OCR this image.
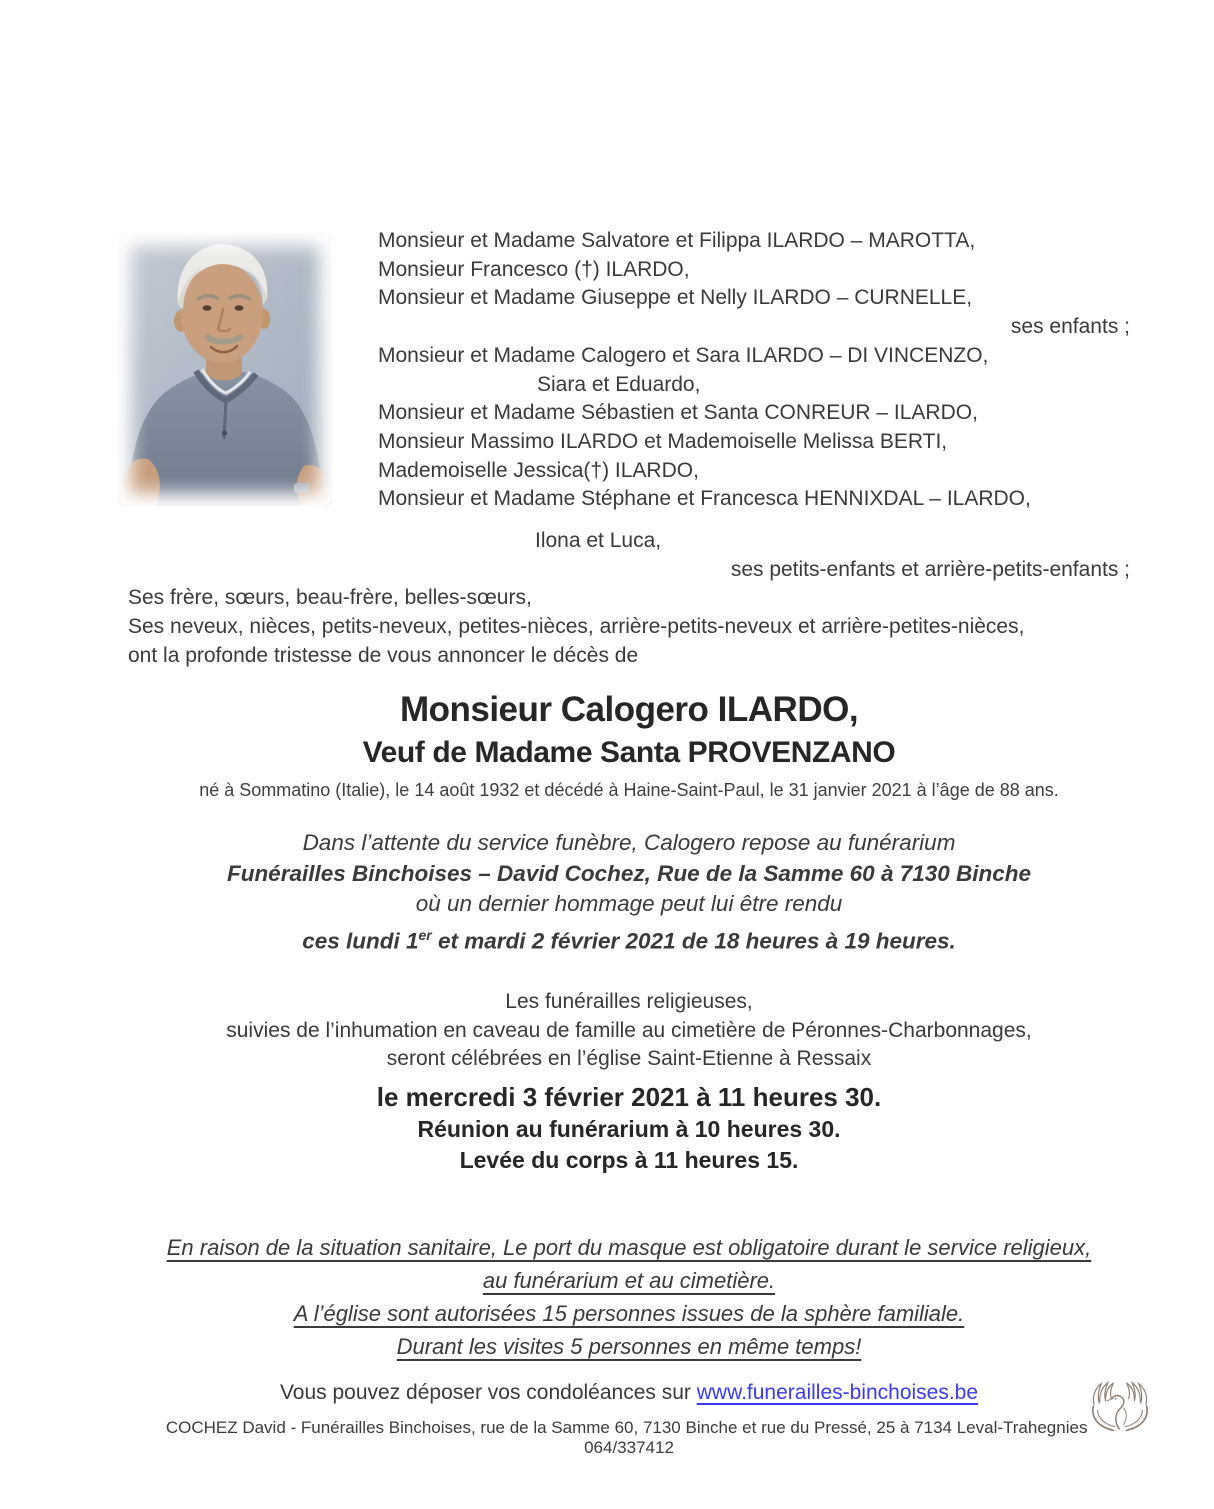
Monsieur et Madame Salvatore et Filippa ILARDO – MAROTTA,
Monsieur Francesco (†) ILARDO,
Monsieur et Madame Giuseppe et Nelly ILARDO – CURNELLE,
ses enfants ;
Monsieur et Madame Calogero et Sara ILARDO – DI VINCENZO,
Siara et Eduardo,
Monsieur et Madame Sébastien et Santa CONREUR – ILARDO,
Monsieur Massimo ILARDO et Mademoiselle Melissa BERTI,
Mademoiselle Jessica(†) ILARDO,
Monsieur et Madame Stéphane et Francesca HENNIXDAL – ILARDO,
Ilona et Luca,
ses petits-enfants et arrière-petits-enfants ;
Ses frère, sœurs, beau-frère, belles-sœurs,
Ses neveux, nièces, petits-neveux, petites-nièces, arrière-petits-neveux et arrière-petites-nièces,
ont la profonde tristesse de vous annoncer le décès de
Monsieur Calogero ILARDO,
Veuf de Madame Santa PROVENZANO
né à Sommatino (Italie), le 14 août 1932 et décédé à Haine-Saint-Paul, le 31 janvier 2021 à l’âge de 88 ans.
Dans l’attente du service funèbre, Calogero repose au funérarium
Funérailles Binchoises – David Cochez, Rue de la Samme 60 à 7130 Binche
où un dernier hommage peut lui être rendu
ces lundi 1er et mardi 2 février 2021 de 18 heures à 19 heures.
Les funérailles religieuses,
suivies de l’inhumation en caveau de famille au cimetière de Péronnes-Charbonnages,
seront célébrées en l’église Saint-Etienne à Ressaix
le mercredi 3 février 2021 à 11 heures 30.
Réunion au funérarium à 10 heures 30.
Levée du corps à 11 heures 15.
En raison de la situation sanitaire, Le port du masque est obligatoire durant le service religieux,
au funérarium et au cimetière.
A l’église sont autorisées 15 personnes issues de la sphère familiale.
Durant les visites 5 personnes en même temps!
Vous pouvez déposer vos condoléances sur www.funerailles-binchoises.be
COCHEZ David - Funérailles Binchoises, rue de la Samme 60, 7130 Binche et rue du Pressé, 25 à 7134 Leval-Trahegnies  064/337412
